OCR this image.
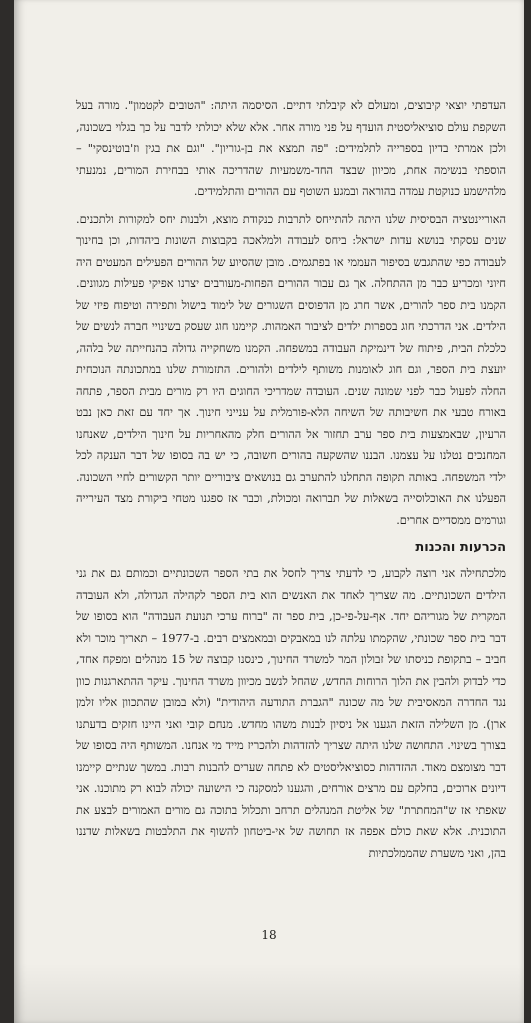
העדפתי יוצאי קיבוצים, ומעולם לא קיבלתי דתיים. הסיסמה היתה: "הטובים לקטמון". מורה בעל השקפת עולם סוציאליסטית הועדף על פני מורה אחר. אלא שלא יכולתי לדבר על כך בגלוי בשכונה, ולכן אמרתי בדיון בספרייה לתלמידים: "פה תמצא את בן-גוריון". "וגם את בגין וז'בוטינסקי" – הוספתי בנשימה אחת, מכיוון שבצד החד-משמעיות שהדריכה אותי בבחירת המורים, נמנעתי מלהישמע כנוקטת עמדה בהוראה ובמגע השוטף עם ההורים והתלמידים.

האוריינטציה הבסיסית שלנו היתה להתייחס לתרבות כנקודת מוצא, ולבנות יחס למקורות ולתכנים. שנים עסקתי בנושא עדות ישראל: ביחס לעבודה ולמלאכה בקבוצות השונות ביהדות, וכן בחינוך לעבודה כפי שהתגבש בסיפור העממי או בפתגמים. מובן שהסיוע של ההורים הפעילים המעטים היה חיוני ומכריע כבר מן ההתחלה. אך גם עבור ההורים הפחות-מעורבים יצרנו אפיקי פעילות מגוונים. הקמנו בית ספר להורים, אשר חרג מן הדפוסים השגורים של לימוד בישול ותפירה וטיפוח פיזי של הילדים. אני הדרכתי חוג בספרות ילדים לציבור האמהות. קיימנו חוג שעסק בשינויי חברה לנשים של כלכלת הבית, פיתוח של דינמיקת העבודה במשפחה. הקמנו משחקייה גדולה בהנחייתה של בלהה, יועצת בית הספר, וגם חוג לאומנות משותף לילדים ולהורים. התזמורת שלנו במתכונתה הנוכחית החלה לפעול כבר לפני שמונה שנים. העובדה שמדריכי החוגים היו רק מורים מבית הספר, פתחה באורח טבעי את חשיבותה של השיחה הלא-פורמלית על ענייני חינוך. אך יחד עם זאת כאן נבט הרעיון, שבאמצעות בית ספר ערב תחזור אל ההורים חלק מהאחריות על חינוך הילדים, שאנחנו המחנכים נטלנו על עצמנו. הבננו שהשקעה בהורים חשובה, כי יש בה בסופו של דבר הענקה לכל ילדי המשפחה. באותה תקופה התחלנו להתערב גם בנושאים ציבוריים יותר הקשורים לחיי השכונה. הפעלנו את האוכלוסייה בשאלות של תברואה ומכולת, וכבר אז ספגנו מטחי ביקורת מצד העירייה וגורמים ממסדיים אחרים.

הכרעות והכנות

מלכתחילה אני רוצה לקבוע, כי לדעתי צריך לחסל את בתי הספר השכונתיים וכמותם גם את גני הילדים השכונתיים. מה שצריך לאחד את האנשים הוא בית הספר לקהילה הגדולה, ולא העובדה המקרית של מגוריהם יחד. אף-על-פי-כן, בית ספר זה "ברוח ערכי תנועת העבודה" הוא בסופו של דבר בית ספר שכונתי, שהקמתו עלתה לנו במאבקים ובמאמצים רבים. ב-1977 – תאריך מוכר ולא חביב – בתקופת כניסתו של זבולון המר למשרד החינוך, כינסנו קבוצה של 15 מנהלים ומפקח אחד, כדי לבדוק ולהבין את הלוך הרוחות החדש, שהחל לנשב מכיוון משרד החינוך. עיקר ההתארגנות כוון נגד החדרה המאסיבית של מה שכונה "הגברת התודעה היהודית" (ולא במובן שהתכוון אליו זלמן ארן). מן השלילה הזאת הגענו אל ניסיון לבנות משהו מחדש. מנחם קובי ואני היינו חזקים בדעתנו בצורך בשינוי. התחושה שלנו היתה שצריך להזדהות ולהכריז מייד מי אנחנו. המשותף היה בסופו של דבר מצומצם מאוד. ההזדהות כסוציאליסטים לא פתחה שערים להבנות רבות. במשך שנתיים קיימנו דיונים ארוכים, בחלקם עם מרצים אורחים, והגענו למסקנה כי הישועה יכולה לבוא רק מתוכנו. אני שאפתי אז ש"המחתרת" של אליטת המנהלים תרחב ותכלול בתוכה גם מורים האמורים לבצע את התוכנית. אלא שאת כולם אפפה אז תחושה של אי-ביטחון להשוף את התלבטות בשאלות שדננו בהן, ואני משערת שהממלכתיות

18
